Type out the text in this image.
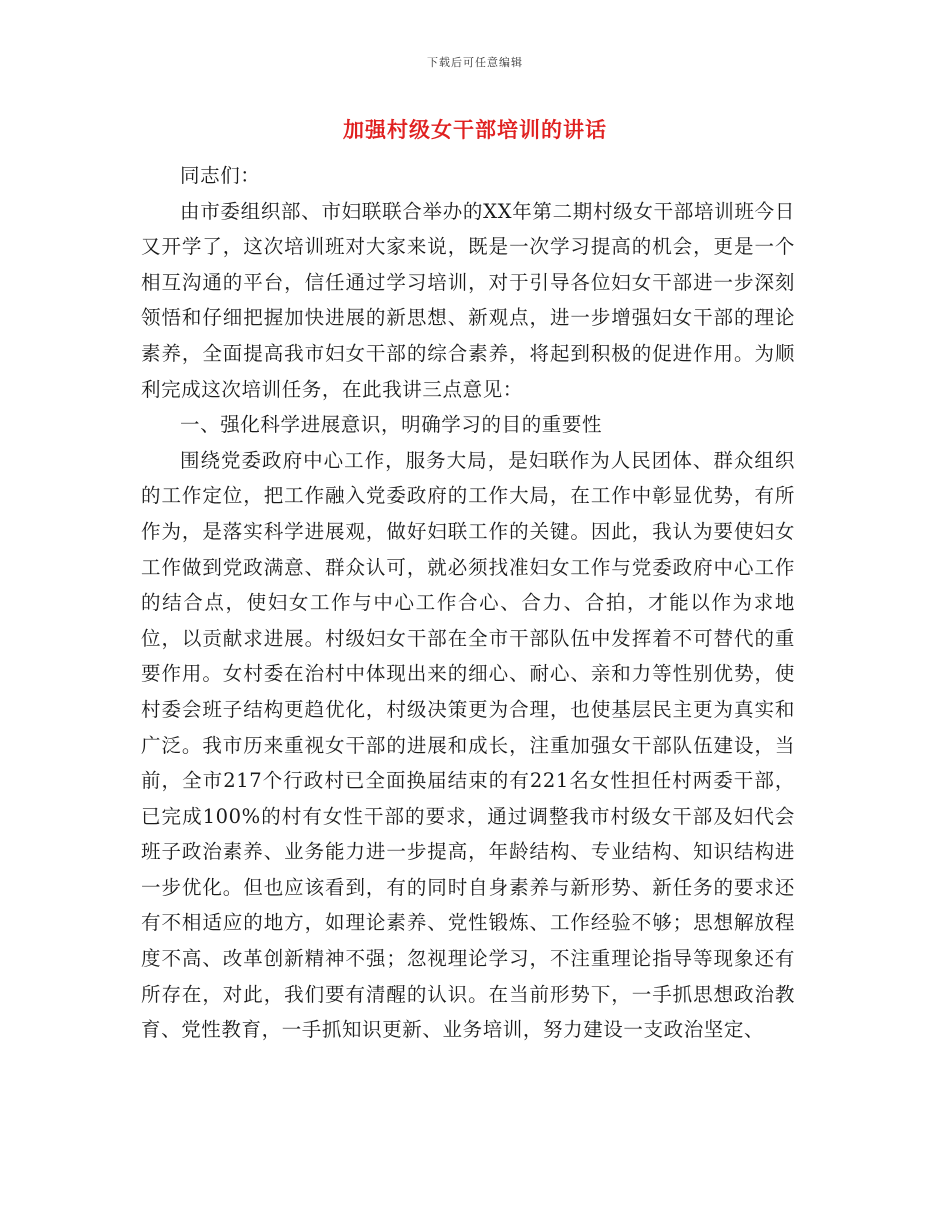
下载后可任意编辑
加强村级女干部培训的讲话

同志们：

由市委组织部、市妇联联合举办的XX年第二期村级女干部培训班今日又开学了，这次培训班对大家来说，既是一次学习提高的机会，更是一个相互沟通的平台，信任通过学习培训，对于引导各位妇女干部进一步深刻领悟和仔细把握加快进展的新思想、新观点，进一步增强妇女干部的理论素养，全面提高我市妇女干部的综合素养，将起到积极的促进作用。为顺利完成这次培训任务，在此我讲三点意见：

一、强化科学进展意识，明确学习的目的重要性

围绕党委政府中心工作，服务大局，是妇联作为人民团体、群众组织的工作定位，把工作融入党委政府的工作大局，在工作中彰显优势，有所作为，是落实科学进展观，做好妇联工作的关键。因此，我认为要使妇女工作做到党政满意、群众认可，就必须找准妇女工作与党委政府中心工作的结合点，使妇女工作与中心工作合心、合力、合拍，才能以作为求地位，以贡献求进展。村级妇女干部在全市干部队伍中发挥着不可替代的重要作用。女村委在治村中体现出来的细心、耐心、亲和力等性别优势，使村委会班子结构更趋优化，村级决策更为合理，也使基层民主更为真实和广泛。我市历来重视女干部的进展和成长，注重加强女干部队伍建设，当前，全市217个行政村已全面换届结束的有221名女性担任村两委干部，已完成100%的村有女性干部的要求，通过调整我市村级女干部及妇代会班子政治素养、业务能力进一步提高，年龄结构、专业结构、知识结构进一步优化。但也应该看到，有的同时自身素养与新形势、新任务的要求还有不相适应的地方，如理论素养、党性锻炼、工作经验不够；思想解放程度不高、改革创新精神不强；忽视理论学习，不注重理论指导等现象还有所存在，对此，我们要有清醒的认识。在当前形势下，一手抓思想政治教育、党性教育，一手抓知识更新、业务培训，努力建设一支政治坚定、
